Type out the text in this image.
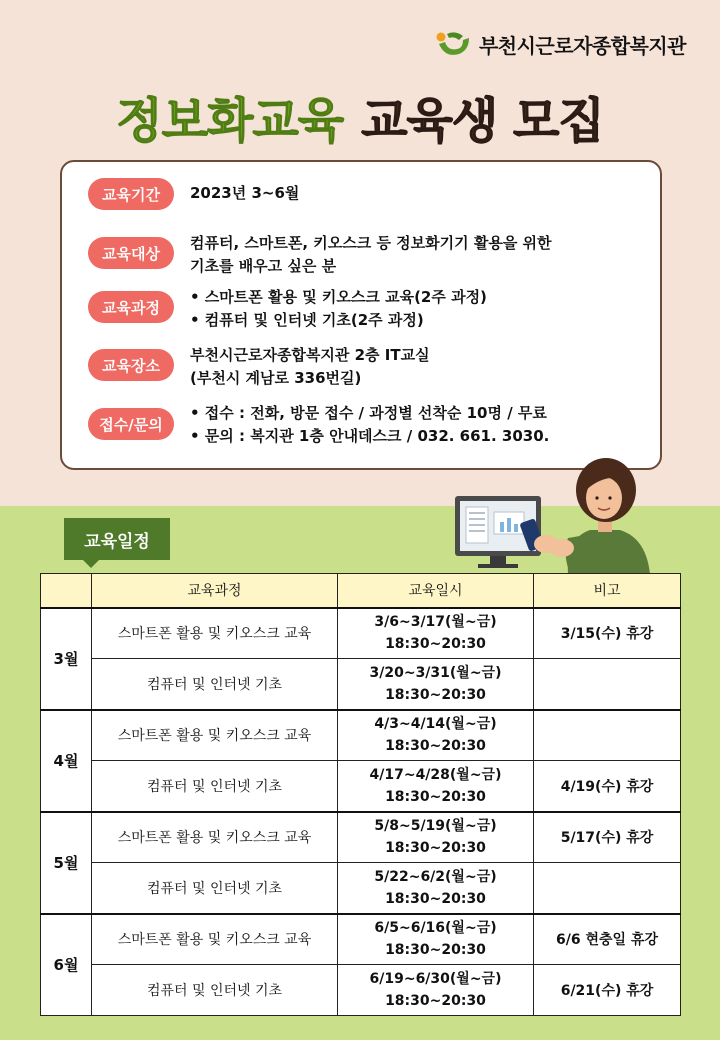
부천시근로자종합복지관
정보화교육 교육생 모집
교육기간	2023년 3~6월
교육대상
컴퓨터, 스마트폰, 키오스크 등 정보화기기 활용을 위한
기초를 배우고 싶은 분
교육과정
• 스마트폰 활용 및 키오스크 교육(2주 과정)
• 컴퓨터 및 인터넷 기초(2주 과정)
교육장소
부천시근로자종합복지관 2층 IT교실
(부천시 계남로 336번길)
접수/문의
• 접수 : 전화, 방문 접수 / 과정별 선착순 10명 / 무료
• 문의 : 복지관 1층 안내데스크 / 032. 661. 3030.
교육일정
	교육과정	교육일시	비고
3월	스마트폰 활용 및 키오스크 교육	3/6~3/17(월~금)
18:30~20:30	3/15(수) 휴강
	컴퓨터 및 인터넷 기초	3/20~3/31(월~금)
18:30~20:30	
4월	스마트폰 활용 및 키오스크 교육	4/3~4/14(월~금)
18:30~20:30	
	컴퓨터 및 인터넷 기초	4/17~4/28(월~금)
18:30~20:30	4/19(수) 휴강
5월	스마트폰 활용 및 키오스크 교육	5/8~5/19(월~금)
18:30~20:30	5/17(수) 휴강
	컴퓨터 및 인터넷 기초	5/22~6/2(월~금)
18:30~20:30	
6월	스마트폰 활용 및 키오스크 교육	6/5~6/16(월~금)
18:30~20:30	6/6 현충일 휴강
	컴퓨터 및 인터넷 기초	6/19~6/30(월~금)
18:30~20:30	6/21(수) 휴강
